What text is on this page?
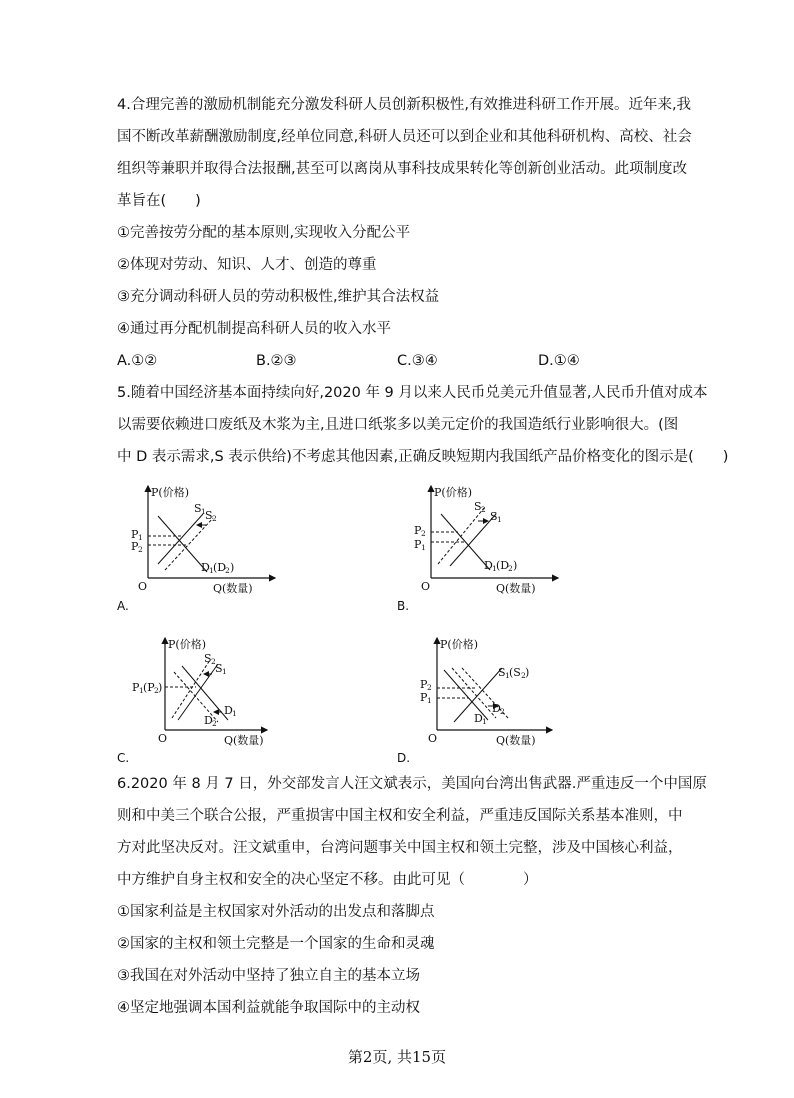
4.合理完善的激励机制能充分激发科研人员创新积极性,有效推进科研工作开展。近年来,我
国不断改革薪酬激励制度,经单位同意,科研人员还可以到企业和其他科研机构、高校、社会
组织等兼职并取得合法报酬,甚至可以离岗从事科技成果转化等创新创业活动。此项制度改
革旨在(　　)
①完善按劳分配的基本原则,实现收入分配公平
②体现对劳动、知识、人才、创造的尊重
③充分调动科研人员的劳动积极性,维护其合法权益
④通过再分配机制提高科研人员的收入水平
A.①②	B.②③	C.③④	D.①④
5.随着中国经济基本面持续向好,2020 年 9 月以来人民币兑美元升值显著,人民币升值对成本
以需要依赖进口废纸及木浆为主,且进口纸浆多以美元定价的我国造纸行业影响很大。(图
中 D 表示需求,S 表示供给)不考虑其他因素,正确反映短期内我国纸产品价格变化的图示是(　　)
P(价格)
Q(数量)
O
P 1
P 2
S 1 S 2
D 1 (D
2 )
A.
P(价格)
Q(数量)
O
P 2
P 1
S 2
S 1
D 1 (D
2 )
B.
P(价格)
Q(数量)
O
P 1 (P 2 )
S 2
S 1
D 2
D 1
C.
P(价格)
Q(数量)
O
P 2
P 1
S 1 (S 2 )
D 1
D 2
D.
6.2020 年 8 月 7 日，外交部发言人汪文斌表示，美国向台湾出售武器.严重违反一个中国原
则和中美三个联合公报，严重损害中国主权和安全利益，严重违反国际关系基本准则，中
方对此坚决反对。汪文斌重申，台湾问题事关中国主权和领土完整，涉及中国核心利益，
中方维护自身主权和安全的决心坚定不移。由此可见（　　　　）
①国家利益是主权国家对外活动的出发点和落脚点
②国家的主权和领土完整是一个国家的生命和灵魂
③我国在对外活动中坚持了独立自主的基本立场
④坚定地强调本国利益就能争取国际中的主动权
第2页, 共15页
